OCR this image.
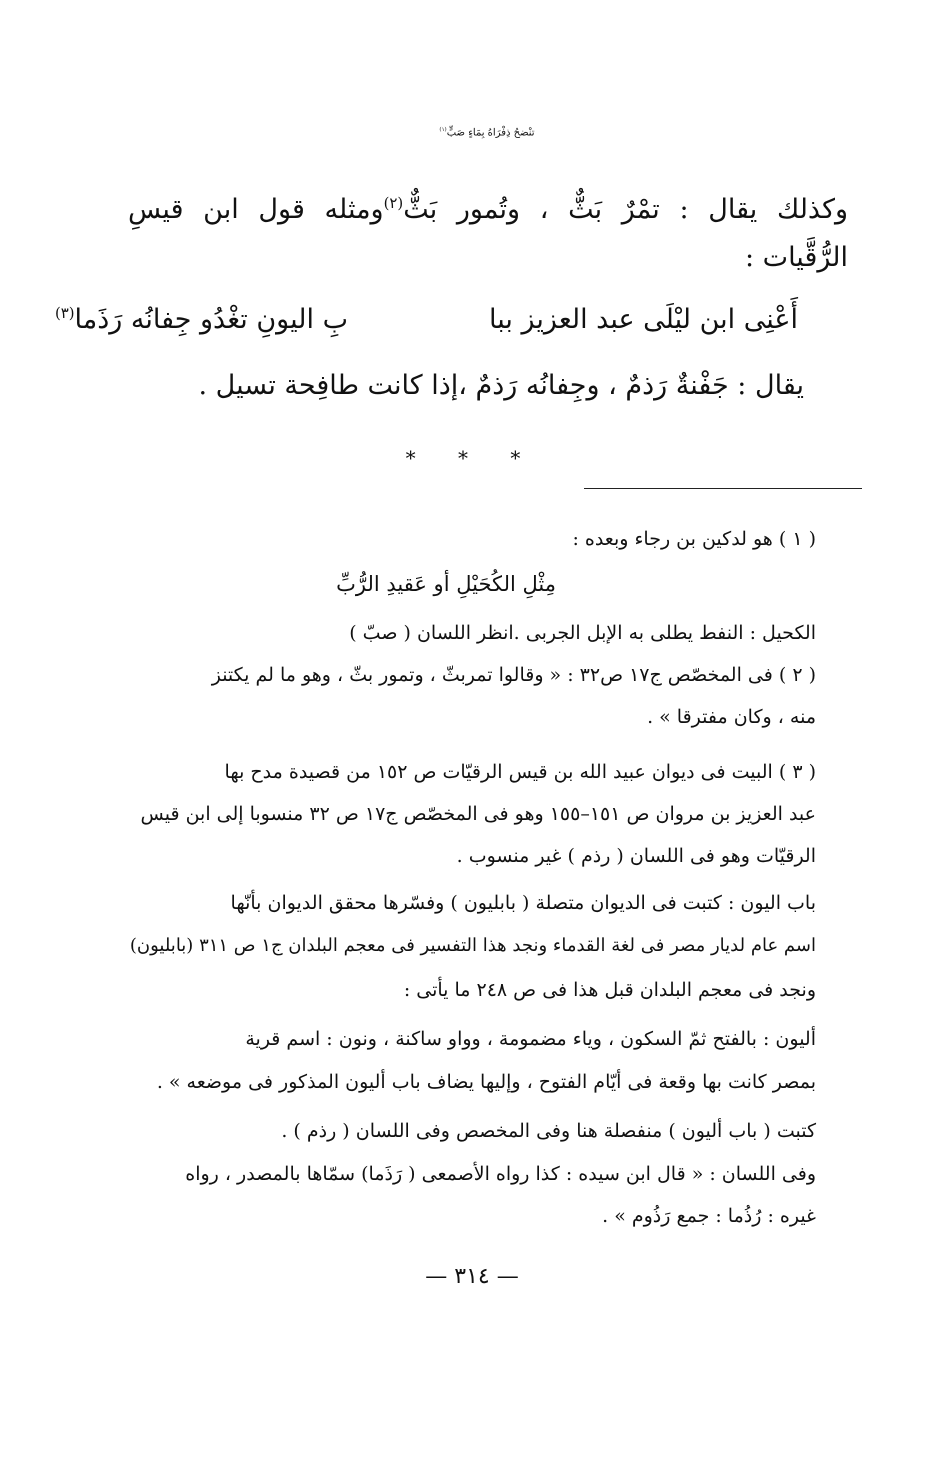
تنْضحُ ذِفْرَاهُ بِمَاءٍ صَبٍّ$^{(١)}$
وكذلك يقال : تمْرٌ بَثٌّ ، وتُمور بَثٌّ$^{(٢)}$ومثله قول ابن قيسِ
الرُّقَّيات :
أَعْنِى ابن ليْلَى عبد العزيز ببا
بِ اليونِ تغْدُو جِفانُه رَذَما$^{(٣)}$
يقال : جَفْنةٌ رَذمٌ ، وجِفانُه رَذمٌ ،إذا كانت طافِحة تسيل .
* * *
( ١ ) هو لدكين بن رجاء وبعده :
مِثْلِ الكُحَيْلِ أو عَقيدِ الرُّبِّ
الكحيل : النفط يطلى به الإبل الجربى .انظر اللسان ( صبّ )
( ٢ ) فى المخصّص ج١٧ ص٣٢ : « وقالوا تمربثّ ، وتمور بثّ ، وهو ما لم يكتنز
منه ، وكان مفترقا » .
( ٣ ) البيت فى ديوان عبيد الله بن قيس الرقيّات ص ١٥٢ من قصيدة مدح بها
عبد العزيز بن مروان ص ١٥١–١٥٥ وهو فى المخصّص ج١٧ ص ٣٢ منسوبا إلى ابن قيس
الرقيّات وهو فى اللسان ( رذم ) غير منسوب .
باب اليون : كتبت فى الديوان متصلة ( بابليون ) وفسّرها محقق الديوان بأنّها
اسم عام لديار مصر فى لغة القدماء ونجد هذا التفسير فى معجم البلدان ج١ ص ٣١١ (بابليون)
ونجد فى معجم البلدان قبل هذا فى ص ٢٤٨ ما يأتى :
أليون : بالفتح ثمّ السكون ، وياء مضمومة ، وواو ساكنة ، ونون : اسم قرية
بمصر كانت بها وقعة فى أيّام الفتوح ، وإليها يضاف باب أليون المذكور فى موضعه » .
كتبت ( باب أليون ) منفصلة هنا وفى المخصص وفى اللسان ( رذم ) .
وفى اللسان : « قال ابن سيده : كذا رواه الأصمعى ( رَذَما) سمّاها بالمصدر ، رواه
غيره : رُذُما : جمع رَذُوم » .
— ٣١٤ —
